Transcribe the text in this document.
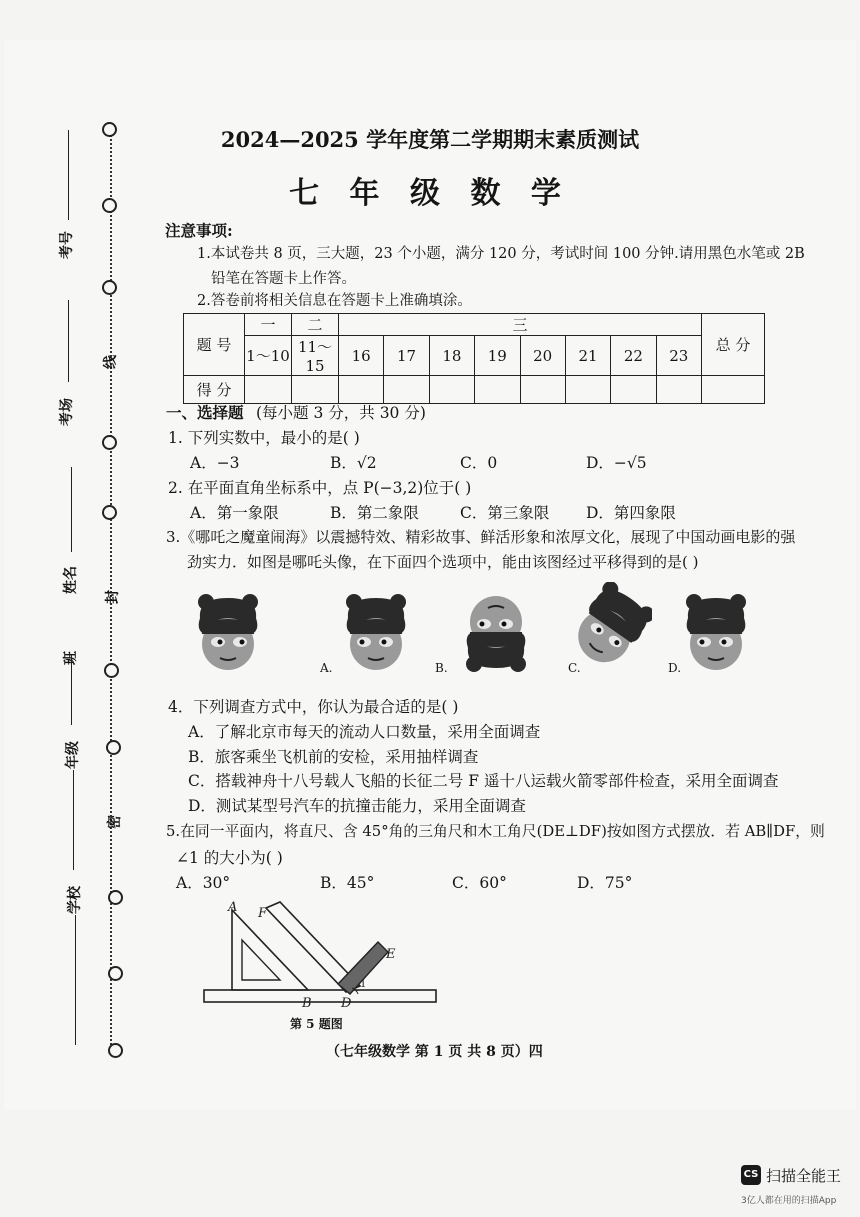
线
封
密
考号
考场
姓名
班
年级
学校
2024—2025 学年度第二学期期末素质测试
七 年 级 数 学
注意事项:
1.本试卷共 8 页，三大题，23 个小题，满分 120 分，考试时间 100 分钟.请用黑色水笔或 2B
铅笔在答题卡上作答。
2.答卷前将相关信息在答题卡上准确填涂。
题 号	一	二	三								总 分
	1～10	11～15	16	17	18	19	20	21	22	23	
得 分											
一、选择题 (每小题 3 分，共 30 分)
1. 下列实数中，最小的是( )
A．−3	B．√2	C．0	D．−√5
2. 在平面直角坐标系中，点 P(−3,2)位于( )
A．第一象限	B．第二象限	C．第三象限 D．第四象限
3.《哪吒之魔童闹海》以震撼特效、精彩故事、鲜活形象和浓厚文化，展现了中国动画电影的强
劲实力．如图是哪吒头像，在下面四个选项中，能由该图经过平移得到的是( )
A.	B.	C.	D.
4．下列调查方式中，你认为最合适的是( )
A．了解北京市每天的流动人口数量，采用全面调查
B．旅客乘坐飞机前的安检，采用抽样调查
C．搭载神舟十八号载人飞船的长征二号 F 遥十八运载火箭零部件检查，采用全面调查
D．测试某型号汽车的抗撞击能力，采用全面调查
5.在同一平面内，将直尺、含 45°角的三角尺和木工角尺(DE⊥DF)按如图方式摆放．若 AB∥DF，则
∠1 的大小为( )
A．30°	B．45°	C．60°	D．75°
A F
E
B D
1
第 5 题图
（七年级数学 第 1 页 共 8 页）四
CS 扫描全能王
3亿人都在用的扫描App
